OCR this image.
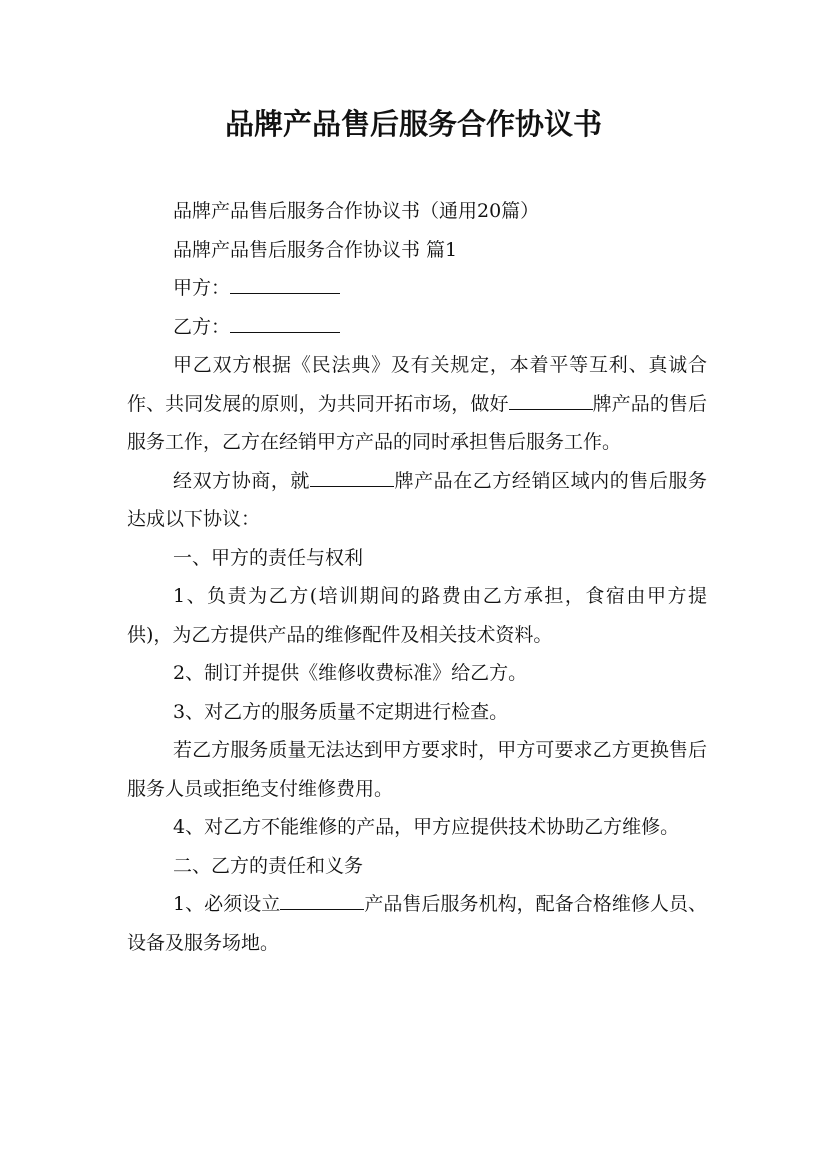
品牌产品售后服务合作协议书

品牌产品售后服务合作协议书（通用20篇）

品牌产品售后服务合作协议书 篇1

甲方：

乙方：

甲乙双方根据《民法典》及有关规定，本着平等互利、真诚合作、共同发展的原则，为共同开拓市场，做好	牌产品的售后服务工作，乙方在经销甲方产品的同时承担售后服务工作。

经双方协商，就	牌产品在乙方经销区域内的售后服务达成以下协议：

一、甲方的责任与权利

1、负责为乙方(培训期间的路费由乙方承担，食宿由甲方提供)，为乙方提供产品的维修配件及相关技术资料。

2、制订并提供《维修收费标准》给乙方。

3、对乙方的服务质量不定期进行检查。

若乙方服务质量无法达到甲方要求时，甲方可要求乙方更换售后服务人员或拒绝支付维修费用。

4、对乙方不能维修的产品，甲方应提供技术协助乙方维修。

二、乙方的责任和义务

1、必须设立	产品售后服务机构，配备合格维修人员、设备及服务场地。
